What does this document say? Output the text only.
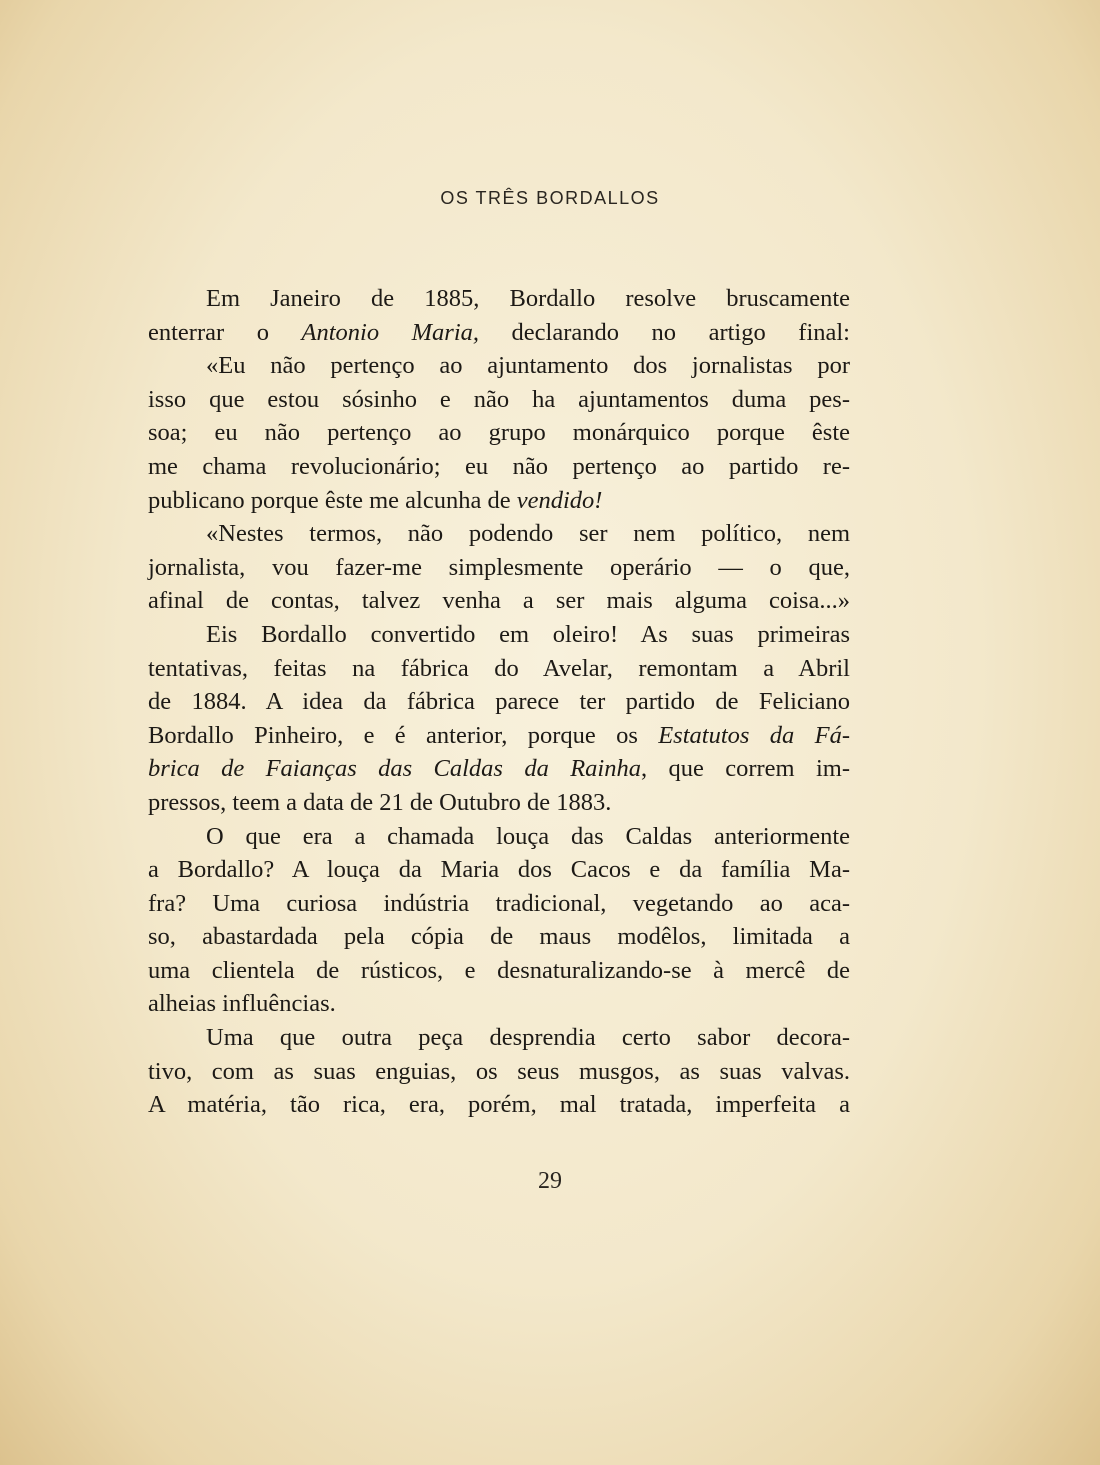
OS TRÊS BORDALLOS
Em Janeiro de 1885, Bordallo resolve bruscamente
enterrar o Antonio Maria, declarando no artigo final:
«Eu não pertenço ao ajuntamento dos jornalistas por
isso que estou sósinho e não ha ajuntamentos duma pes-
soa; eu não pertenço ao grupo monárquico porque êste
me chama revolucionário; eu não pertenço ao partido re-
publicano porque êste me alcunha de vendido!
«Nestes termos, não podendo ser nem político, nem
jornalista, vou fazer-me simplesmente operário — o que,
afinal de contas, talvez venha a ser mais alguma coisa...»
Eis Bordallo convertido em oleiro! As suas primeiras
tentativas, feitas na fábrica do Avelar, remontam a Abril
de 1884. A idea da fábrica parece ter partido de Feliciano
Bordallo Pinheiro, e é anterior, porque os Estatutos da Fá-
brica de Faianças das Caldas da Rainha, que correm im-
pressos, teem a data de 21 de Outubro de 1883.
O que era a chamada louça das Caldas anteriormente
a Bordallo? A louça da Maria dos Cacos e da família Ma-
fra? Uma curiosa indústria tradicional, vegetando ao aca-
so, abastardada pela cópia de maus modêlos, limitada a
uma clientela de rústicos, e desnaturalizando-se à mercê de
alheias influências.
Uma que outra peça desprendia certo sabor decora-
tivo, com as suas enguias, os seus musgos, as suas valvas.
A matéria, tão rica, era, porém, mal tratada, imperfeita a
29
